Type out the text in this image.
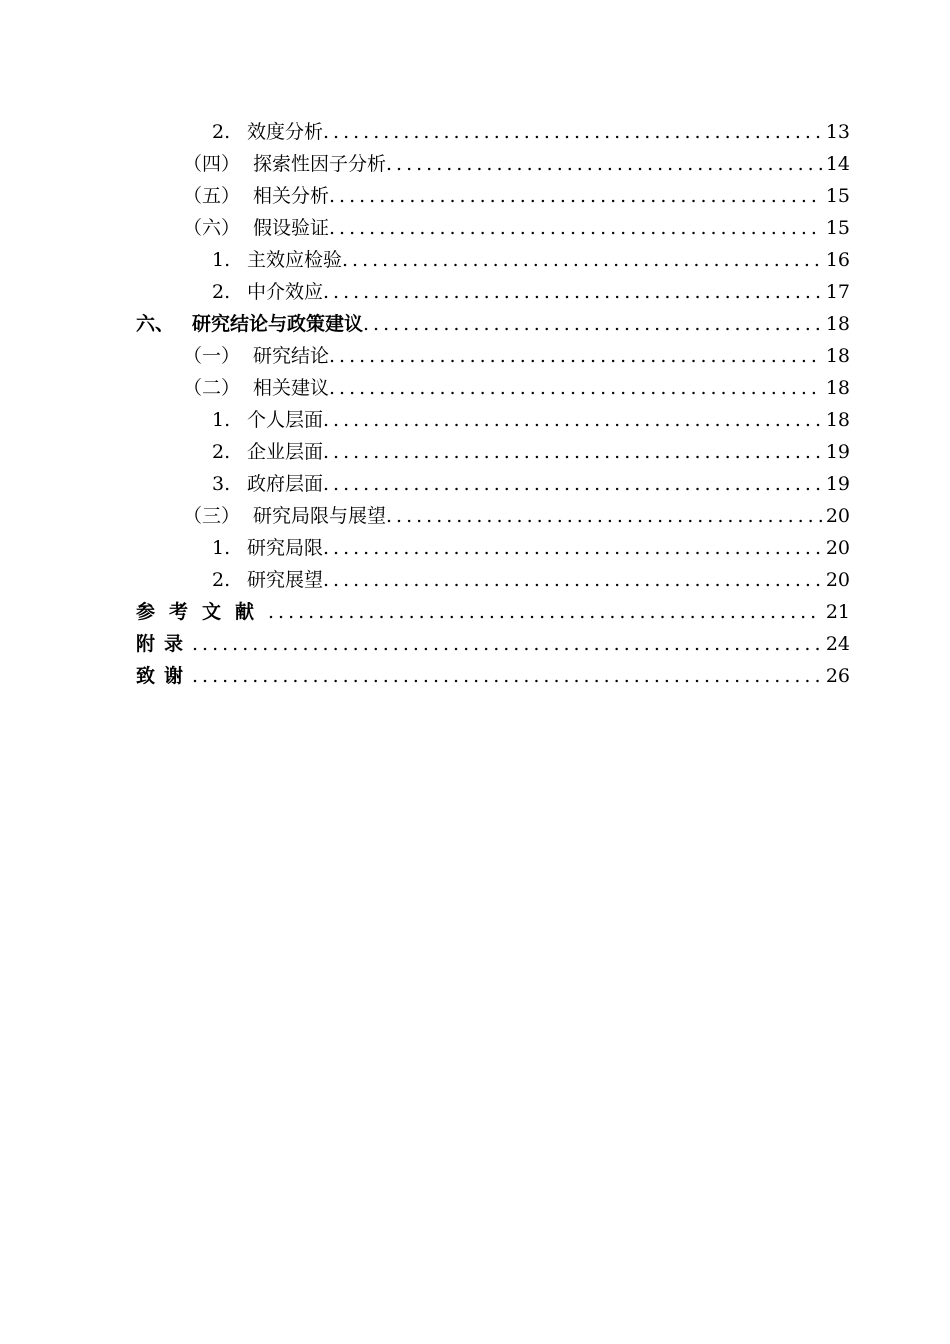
2. 效度分析 .....	13
（四） 探索性因子分析 .....	14
（五） 相关分析 .....	15
（六） 假设验证 .....	15
1. 主效应检验 .....	16
2. 中介效应 .....	17
六、 研究结论与政策建议 .....	18
（一） 研究结论 .....	18
（二） 相关建议 .....	18
1. 个人层面 .....	18
2. 企业层面 .....	19
3. 政府层面 .....	19
（三） 研究局限与展望 .....	20
1. 研究局限 .....	20
2. 研究展望 .....	20
参考文献 .....	21
附录 .....	24
致谢 .....	26
